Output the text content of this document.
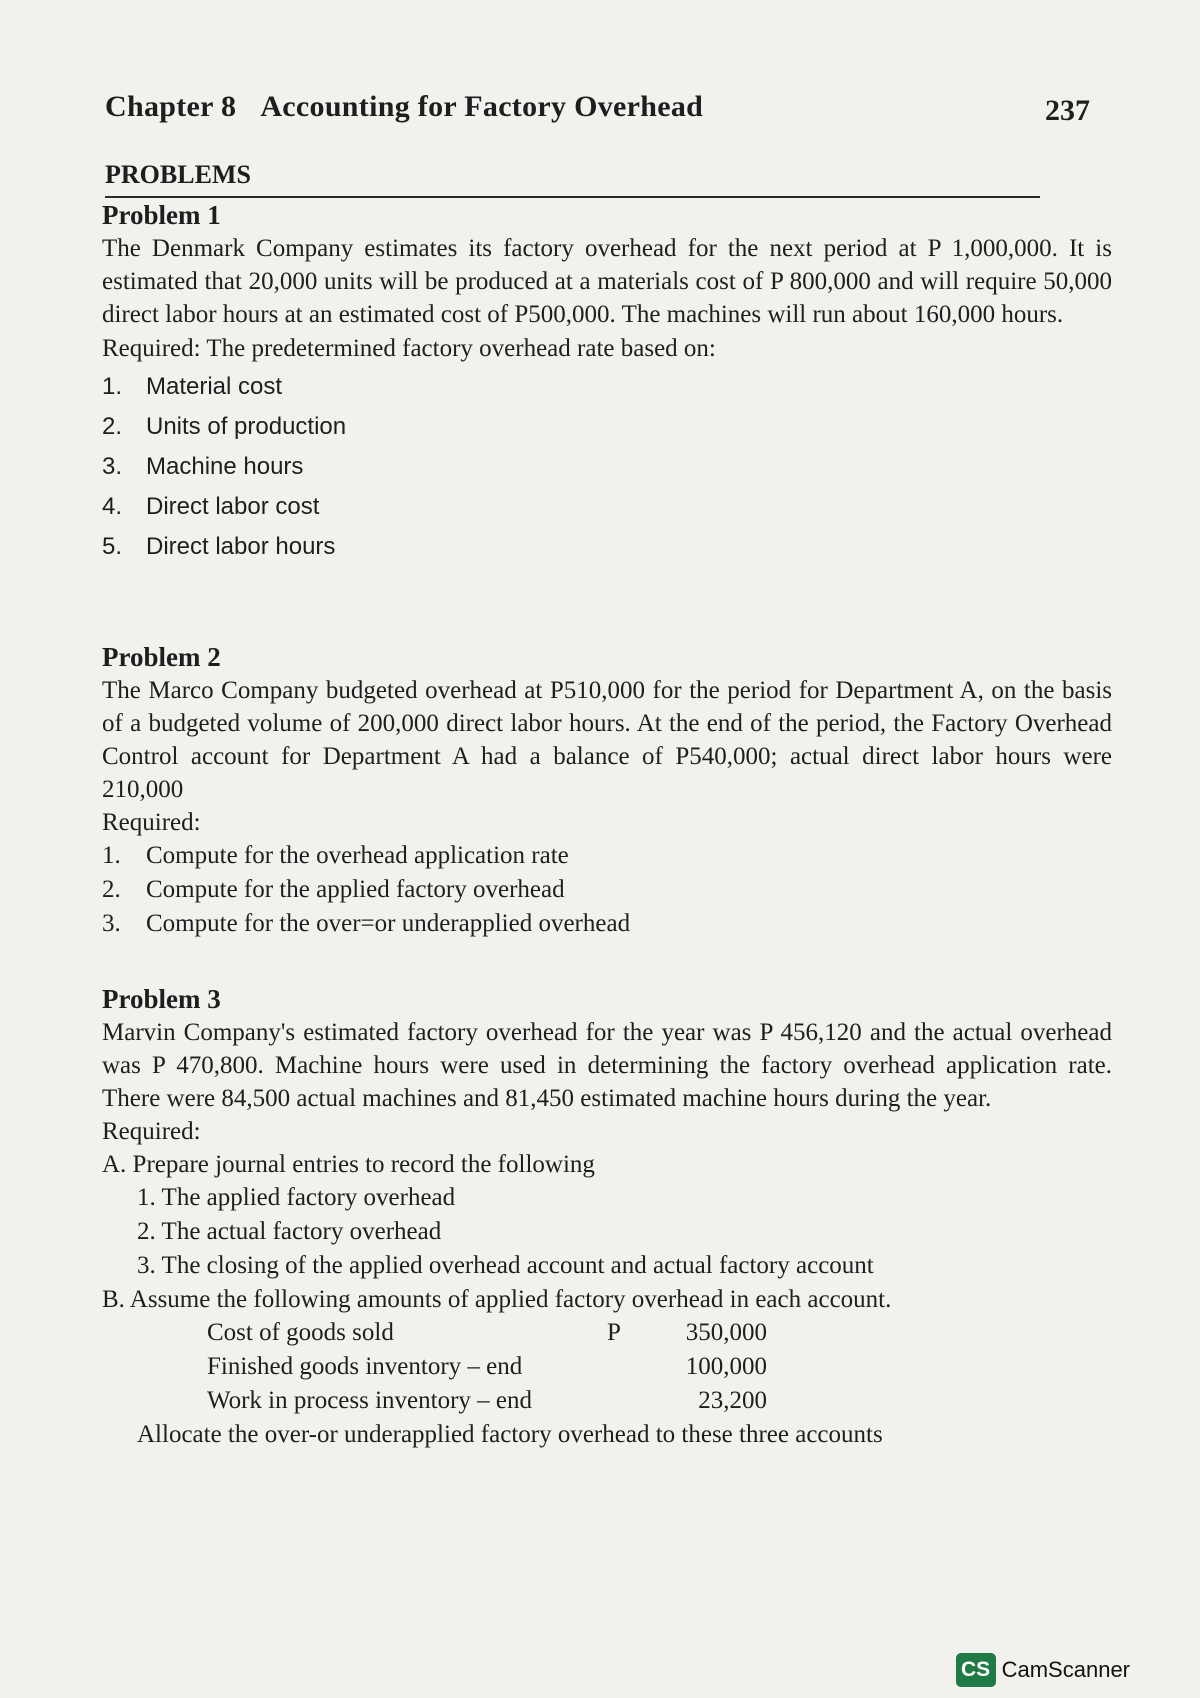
Chapter 8 Accounting for Factory Overhead	237
PROBLEMS
Problem 1
The Denmark Company estimates its factory overhead for the next period at P 1,000,000. It is estimated that 20,000 units will be produced at a materials cost of P 800,000 and will require 50,000 direct labor hours at an estimated cost of P500,000. The machines will run about 160,000 hours.
Required: The predetermined factory overhead rate based on:
1. Material cost
2. Units of production
3. Machine hours
4. Direct labor cost
5. Direct labor hours
Problem 2
The Marco Company budgeted overhead at P510,000 for the period for Department A, on the basis of a budgeted volume of 200,000 direct labor hours. At the end of the period, the Factory Overhead Control account for Department A had a balance of P540,000; actual direct labor hours were 210,000
Required:
1.	Compute for the overhead application rate
2.	Compute for the applied factory overhead
3.	Compute for the over=or underapplied overhead
Problem 3
Marvin Company's estimated factory overhead for the year was P 456,120 and the actual overhead was P 470,800. Machine hours were used in determining the factory overhead application rate. There were 84,500 actual machines and 81,450 estimated machine hours during the year.
Required:
A. Prepare journal entries to record the following
1. The applied factory overhead
2. The actual factory overhead
3. The closing of the applied overhead account and actual factory account
B. Assume the following amounts of applied factory overhead in each account.
Cost of goods sold	P	350,000
Finished goods inventory – end	100,000
Work in process inventory – end	23,200
Allocate the over-or underapplied factory overhead to these three accounts
CS CamScanner
